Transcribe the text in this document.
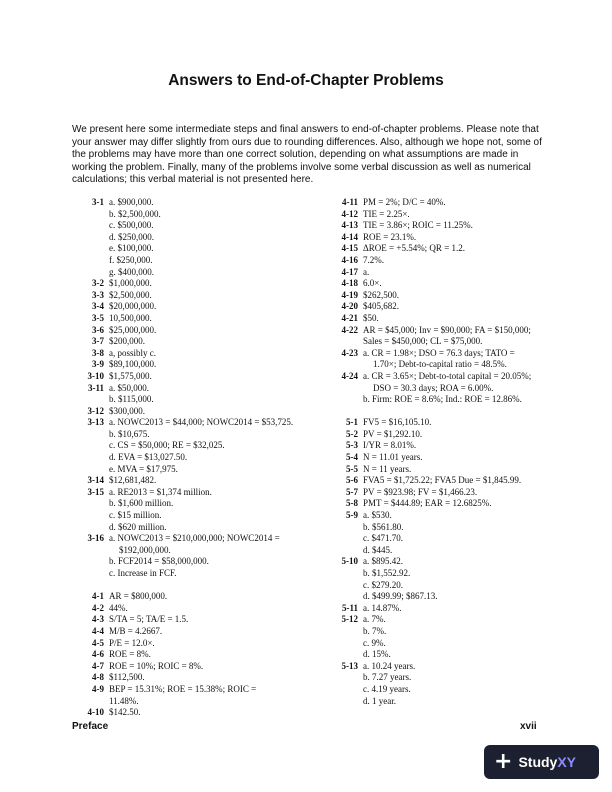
Answers to End-of-Chapter Problems

We present here some intermediate steps and final answers to end-of-chapter problems. Please note that your answer may differ slightly from ours due to rounding differences. Also, although we hope not, some of the problems may have more than one correct solution, depending on what assumptions are made in working the problem. Finally, many of the problems involve some verbal discussion as well as numerical calculations; this verbal material is not presented here.

3-1 a. $900,000.
b. $2,500,000.
c. $500,000.
d. $250,000.
e. $100,000.
f. $250,000.
g. $400,000.
3-2 $1,000,000.
3-3 $2,500,000.
3-4 $20,000,000.
3-5 10,500,000.
3-6 $25,000,000.
3-7 $200,000.
3-8 a, possibly c.
3-9 $89,100,000.
3-10 $1,575,000.
3-11 a. $50,000.
b. $115,000.
3-12 $300,000.
3-13 a. NOWC2013 = $44,000; NOWC2014 = $53,725.
b. $10,675.
c. CS = $50,000; RE = $32,025.
d. EVA = $13,027.50.
e. MVA = $17,975.
3-14 $12,681,482.
3-15 a. RE2013 = $1,374 million.
b. $1,600 million.
c. $15 million.
d. $620 million.
3-16 a. NOWC2013 = $210,000,000; NOWC2014 =
$192,000,000.
b. FCF2014 = $58,000,000.
c. Increase in FCF.
4-1 AR = $800,000.
4-2 44%.
4-3 S/TA = 5; TA/E = 1.5.
4-4 M/B = 4.2667.
4-5 P/E = 12.0×.
4-6 ROE = 8%.
4-7 ROE = 10%; ROIC = 8%.
4-8 $112,500.
4-9 BEP = 15.31%; ROE = 15.38%; ROIC =
11.48%.
4-10 $142.50.
4-11 PM = 2%; D/C = 40%.
4-12 TIE = 2.25×.
4-13 TIE = 3.86×; ROIC = 11.25%.
4-14 ROE = 23.1%.
4-15 ΔROE = +5.54%; QR = 1.2.
4-16 7.2%.
4-17 a.
4-18 6.0×.
4-19 $262,500.
4-20 $405,682.
4-21 $50.
4-22 AR = $45,000; Inv = $90,000; FA = $150,000;
Sales = $450,000; CL = $75,000.
4-23 a. CR = 1.98×; DSO = 76.3 days; TATO =
1.70×; Debt-to-capital ratio = 48.5%.
4-24 a. CR = 3.65×; Debt-to-total capital = 20.05%;
DSO = 30.3 days; ROA = 6.00%.
b. Firm: ROE = 8.6%; Ind.: ROE = 12.86%.
5-1 FV5 = $16,105.10.
5-2 PV = $1,292.10.
5-3 I/YR = 8.01%.
5-4 N = 11.01 years.
5-5 N = 11 years.
5-6 FVA5 = $1,725.22; FVA5 Due = $1,845.99.
5-7 PV = $923.98; FV = $1,466.23.
5-8 PMT = $444.89; EAR = 12.6825%.
5-9 a. $530.
b. $561.80.
c. $471.70.
d. $445.
5-10 a. $895.42.
b. $1,552.92.
c. $279.20.
d. $499.99; $867.13.
5-11 a. 14.87%.
5-12 a. 7%.
b. 7%.
c. 9%.
d. 15%.
5-13 a. 10.24 years.
b. 7.27 years.
c. 4.19 years.
d. 1 year.
Preface	xvii
+ StudyXY
